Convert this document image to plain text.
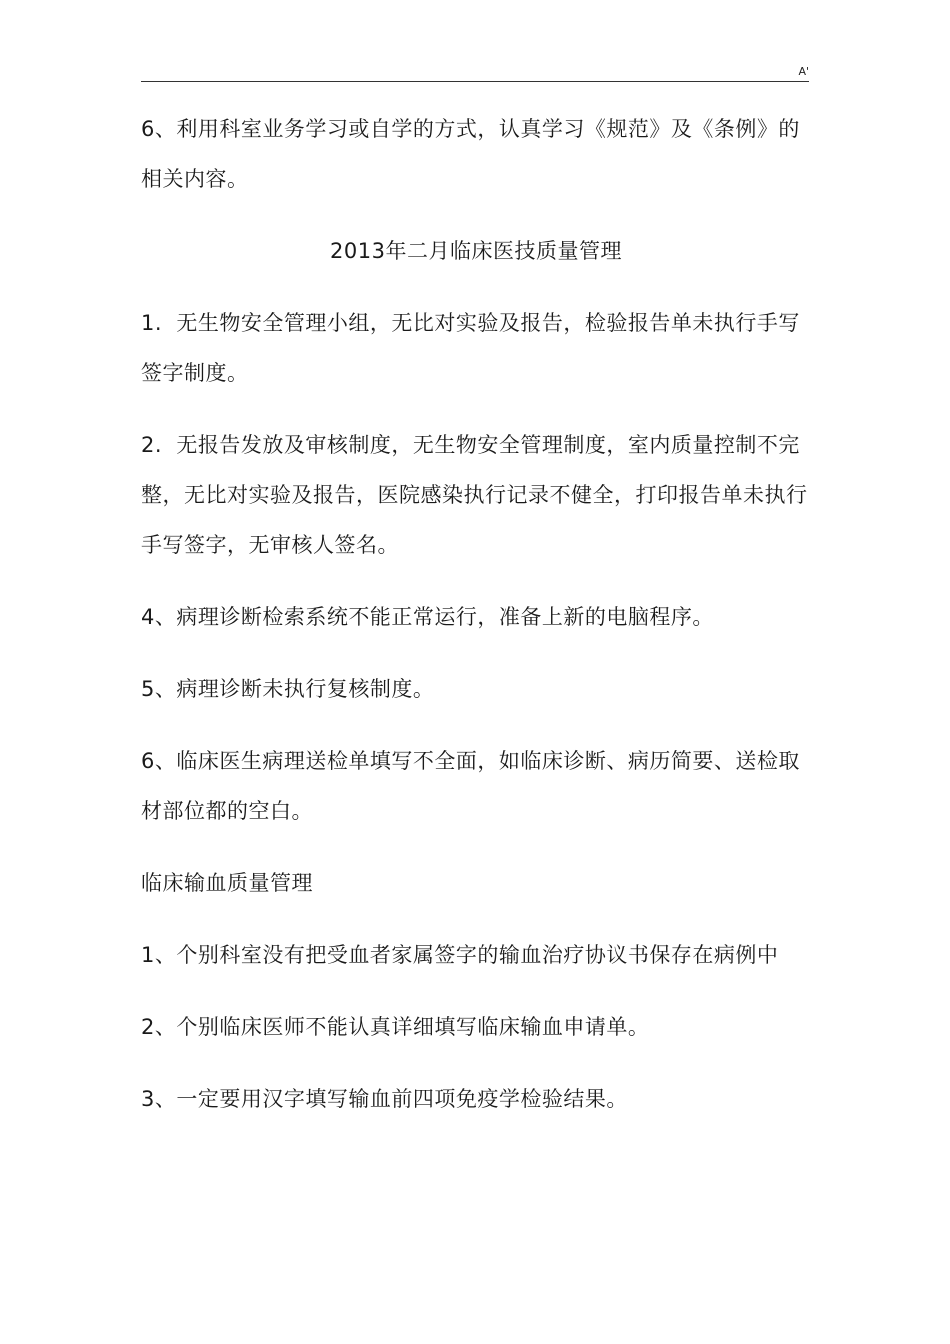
A'

6、利用科室业务学习或自学的方式，认真学习《规范》及《条例》的相关内容。

2013年二月临床医技质量管理

1.  无生物安全管理小组，无比对实验及报告，检验报告单未执行手写签字制度。

2.  无报告发放及审核制度，无生物安全管理制度，室内质量控制不完整，无比对实验及报告，医院感染执行记录不健全，打印报告单未执行手写签字，无审核人签名。

4、病理诊断检索系统不能正常运行，准备上新的电脑程序。

5、病理诊断未执行复核制度。

6、临床医生病理送检单填写不全面，如临床诊断、病历简要、送检取材部位都的空白。

临床输血质量管理

1、个别科室没有把受血者家属签字的输血治疗协议书保存在病例中

2、个别临床医师不能认真详细填写临床输血申请单。

3、一定要用汉字填写输血前四项免疫学检验结果。
